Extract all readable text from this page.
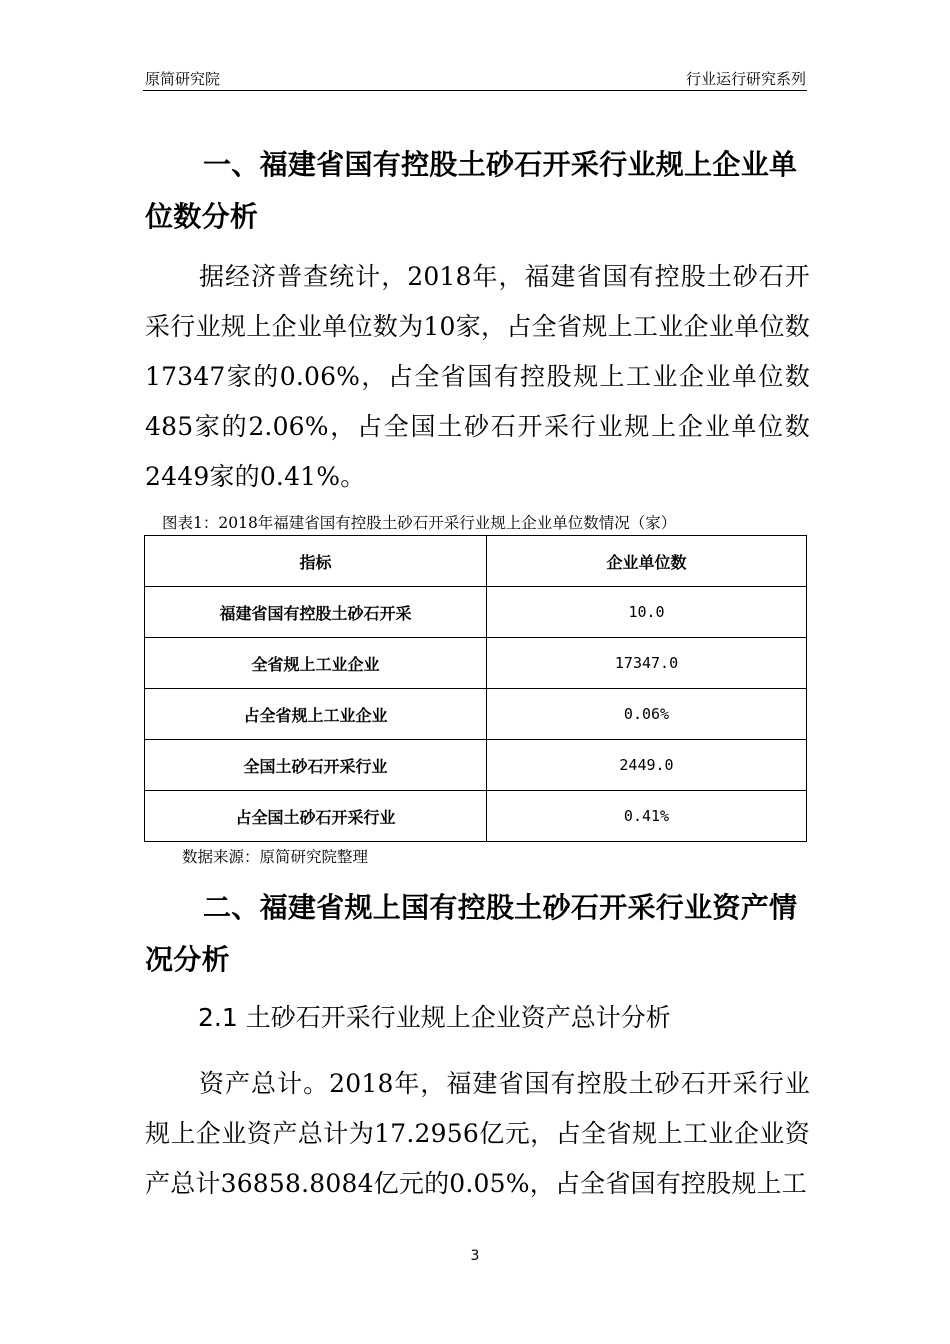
原简研究院	行业运行研究系列
一、福建省国有控股土砂石开采行业规上企业单位数分析
据经济普查统计，2018年，福建省国有控股土砂石开采行业规上企业单位数为10家，占全省规上工业企业单位数17347家的0.06%，占全省国有控股规上工业企业单位数485家的2.06%，占全国土砂石开采行业规上企业单位数2449家的0.41%。
图表1：2018年福建省国有控股土砂石开采行业规上企业单位数情况（家）
指标	企业单位数
福建省国有控股土砂石开采	10.0
全省规上工业企业	17347.0
占全省规上工业企业	0.06%
全国土砂石开采行业	2449.0
占全国土砂石开采行业	0.41%
数据来源：原简研究院整理
二、福建省规上国有控股土砂石开采行业资产情况分析
2.1 土砂石开采行业规上企业资产总计分析
资产总计。2018年，福建省国有控股土砂石开采行业规上企业资产总计为17.2956亿元，占全省规上工业企业资产总计36858.8084亿元的0.05%，占全省国有控股规上工
3
